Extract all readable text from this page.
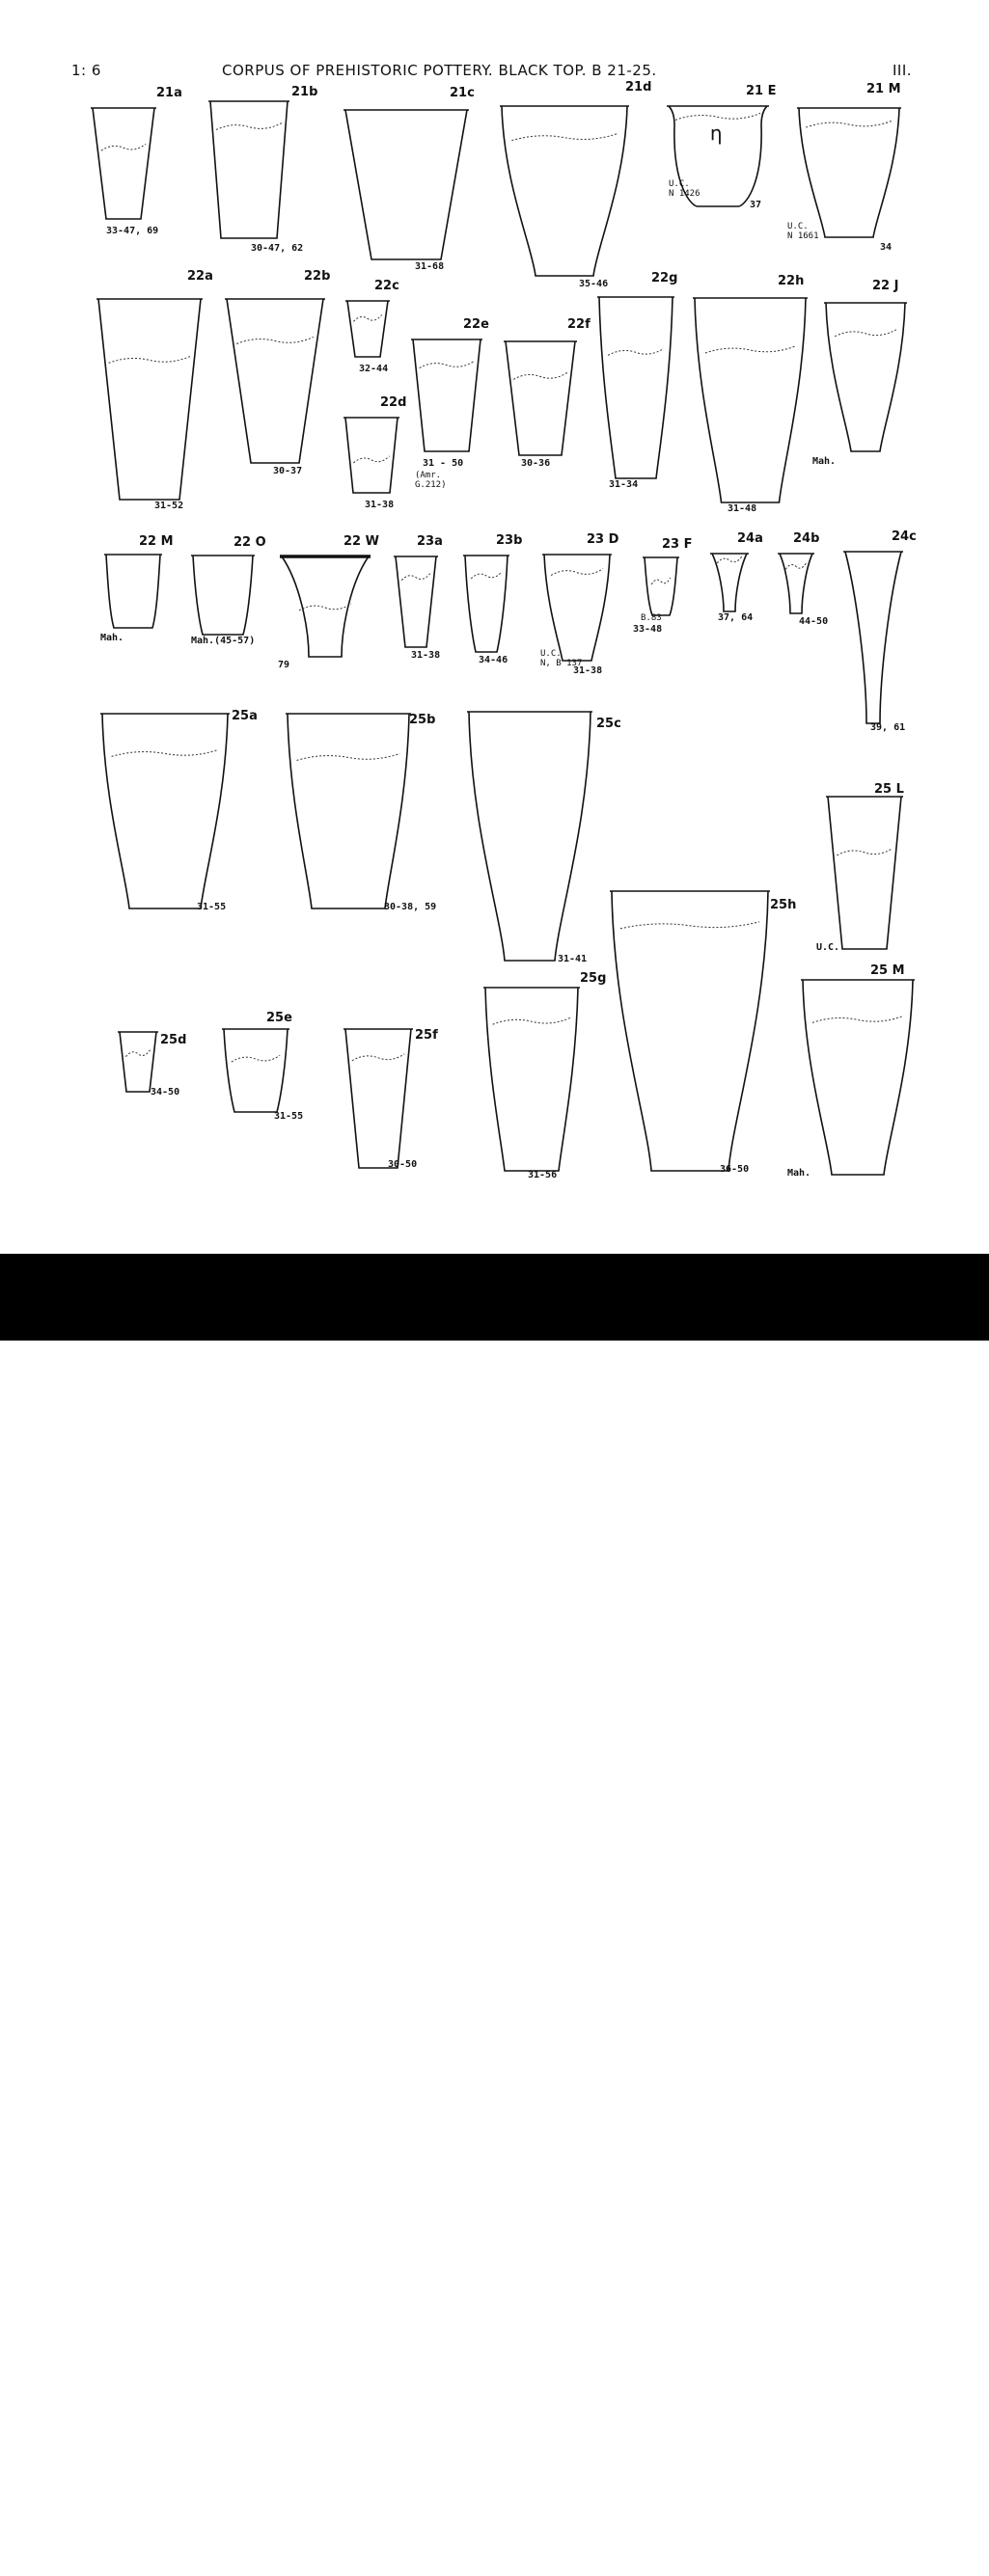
1: 6	CORPUS OF PREHISTORIC POTTERY. BLACK TOP. B 21-25.	III.
21a
33-47, 69
21b
30-47, 62
21c
31-68
21d
35-46
21 E
37
U.C.
N 1426
η
21 M
34
U.C.
N 1661
22a
31-52
22b
30-37
22c
32-44
22d
31-38
22e
31 - 50
(Amr.
G.212)
22f
30-36
22g
31-34
22h
31-48
22 J
Mah.
22 M
Mah.
22 O
Mah.(45-57)
22 W
79
23a
31-38
23b
34-46
23 D
31-38
U.C.
N, B 137
23 F
33-48
B.83
24a
37, 64
24b
44-50
24c
39, 61
25a
31-55
25b
30-38, 59
25c
31-41
25 L
U.C.
25h
36-50
25d
34-50
25e
31-55
25f
30-50
25g
31-56
25 M
Mah.
alamy	J4B7NW
www.alamy.com
